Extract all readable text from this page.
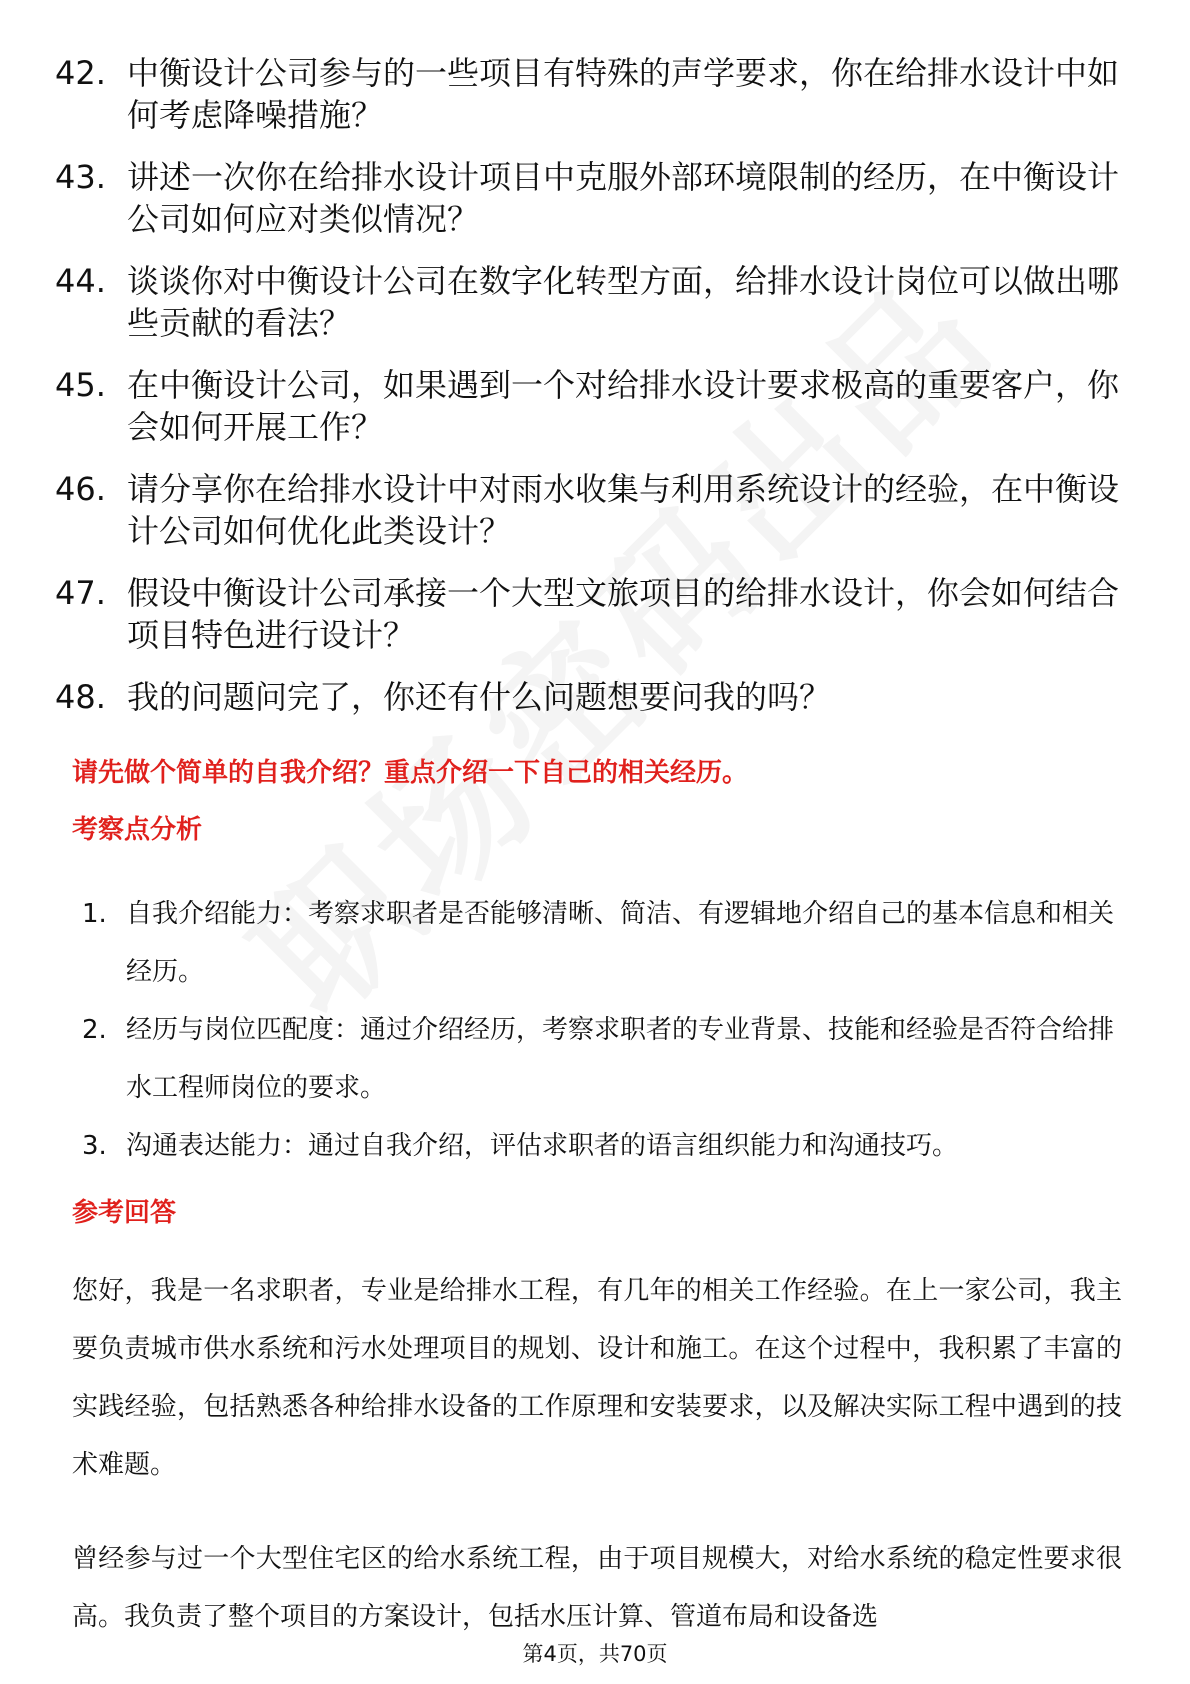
42. 中衡设计公司参与的一些项目有特殊的声学要求，你在给排水设计中如何考虑降噪措施？
43. 讲述一次你在给排水设计项目中克服外部环境限制的经历，在中衡设计公司如何应对类似情况？
44. 谈谈你对中衡设计公司在数字化转型方面，给排水设计岗位可以做出哪些贡献的看法？
45. 在中衡设计公司，如果遇到一个对给排水设计要求极高的重要客户，你会如何开展工作？
46. 请分享你在给排水设计中对雨水收集与利用系统设计的经验，在中衡设计公司如何优化此类设计？
47. 假设中衡设计公司承接一个大型文旅项目的给排水设计，你会如何结合项目特色进行设计？
48. 我的问题问完了，你还有什么问题想要问我的吗？
请先做个简单的自我介绍？重点介绍一下自己的相关经历。
考察点分析
1. 自我介绍能力：考察求职者是否能够清晰、简洁、有逻辑地介绍自己的基本信息和相关经历。
2. 经历与岗位匹配度：通过介绍经历，考察求职者的专业背景、技能和经验是否符合给排水工程师岗位的要求。
3. 沟通表达能力：通过自我介绍，评估求职者的语言组织能力和沟通技巧。
参考回答
您好，我是一名求职者，专业是给排水工程，有几年的相关工作经验。在上一家公司，我主要负责城市供水系统和污水处理项目的规划、设计和施工。在这个过程中，我积累了丰富的实践经验，包括熟悉各种给排水设备的工作原理和安装要求，以及解决实际工程中遇到的技术难题。
曾经参与过一个大型住宅区的给水系统工程，由于项目规模大，对给水系统的稳定性要求很高。我负责了整个项目的方案设计，包括水压计算、管道布局和设备选
第4页，共70页
